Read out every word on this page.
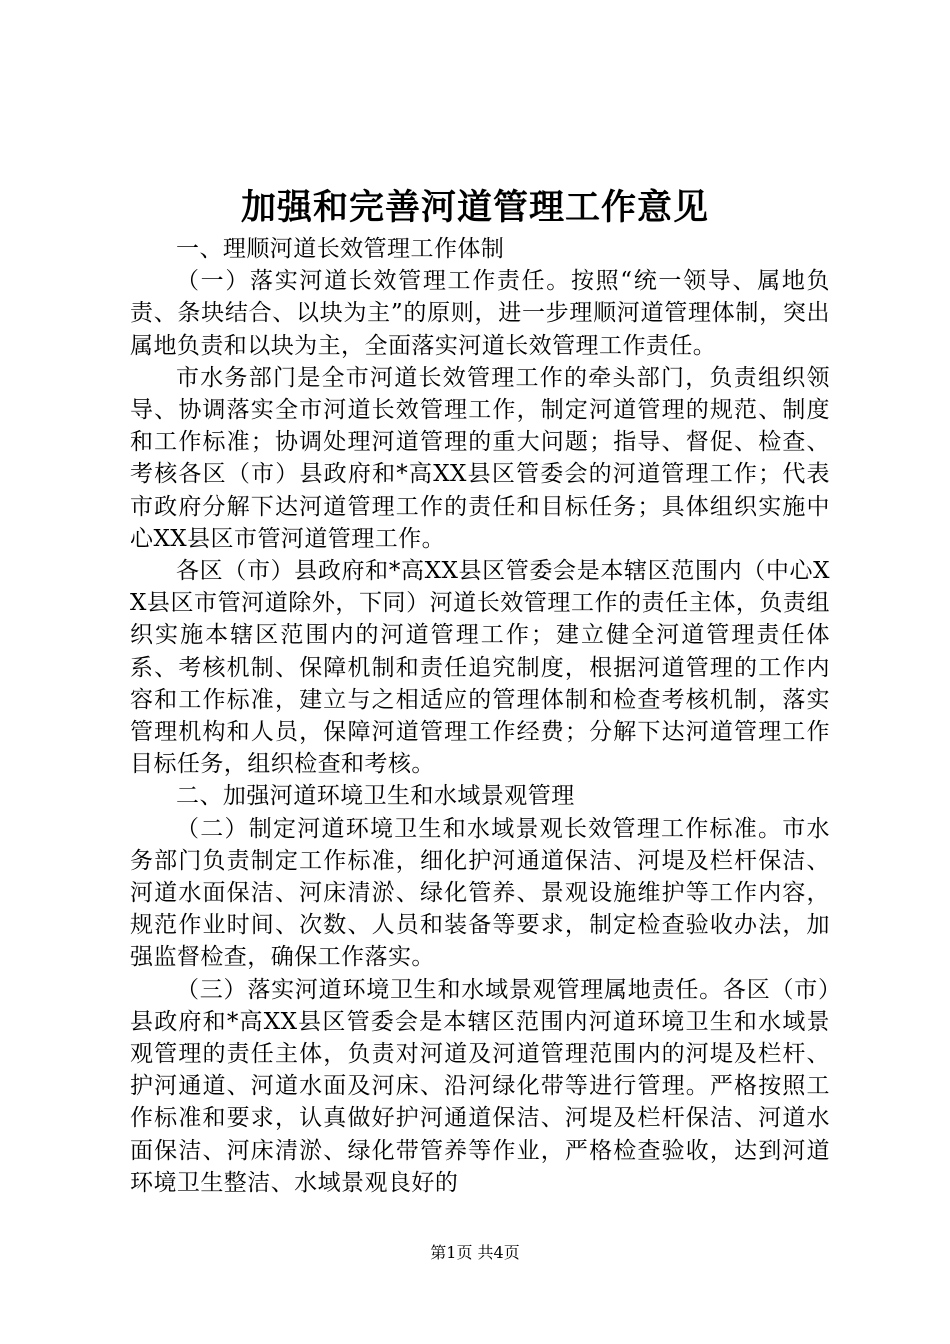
加强和完善河道管理工作意见

一、理顺河道长效管理工作体制

（一）落实河道长效管理工作责任。按照“统一领导、属地负责、条块结合、以块为主”的原则，进一步理顺河道管理体制，突出属地负责和以块为主，全面落实河道长效管理工作责任。

市水务部门是全市河道长效管理工作的牵头部门，负责组织领导、协调落实全市河道长效管理工作，制定河道管理的规范、制度和工作标准；协调处理河道管理的重大问题；指导、督促、检查、考核各区（市）县政府和*高XX县区管委会的河道管理工作；代表市政府分解下达河道管理工作的责任和目标任务；具体组织实施中心XX县区市管河道管理工作。

各区（市）县政府和*高XX县区管委会是本辖区范围内（中心XX县区市管河道除外，下同）河道长效管理工作的责任主体，负责组织实施本辖区范围内的河道管理工作；建立健全河道管理责任体系、考核机制、保障机制和责任追究制度，根据河道管理的工作内容和工作标准，建立与之相适应的管理体制和检查考核机制，落实管理机构和人员，保障河道管理工作经费；分解下达河道管理工作目标任务，组织检查和考核。

二、加强河道环境卫生和水域景观管理

（二）制定河道环境卫生和水域景观长效管理工作标准。市水务部门负责制定工作标准，细化护河通道保洁、河堤及栏杆保洁、河道水面保洁、河床清淤、绿化管养、景观设施维护等工作内容，规范作业时间、次数、人员和装备等要求，制定检查验收办法，加强监督检查，确保工作落实。

（三）落实河道环境卫生和水域景观管理属地责任。各区（市）县政府和*高XX县区管委会是本辖区范围内河道环境卫生和水域景观管理的责任主体，负责对河道及河道管理范围内的河堤及栏杆、护河通道、河道水面及河床、沿河绿化带等进行管理。严格按照工作标准和要求，认真做好护河通道保洁、河堤及栏杆保洁、河道水面保洁、河床清淤、绿化带管养等作业，严格检查验收，达到河道环境卫生整洁、水域景观良好的

第1页 共4页
